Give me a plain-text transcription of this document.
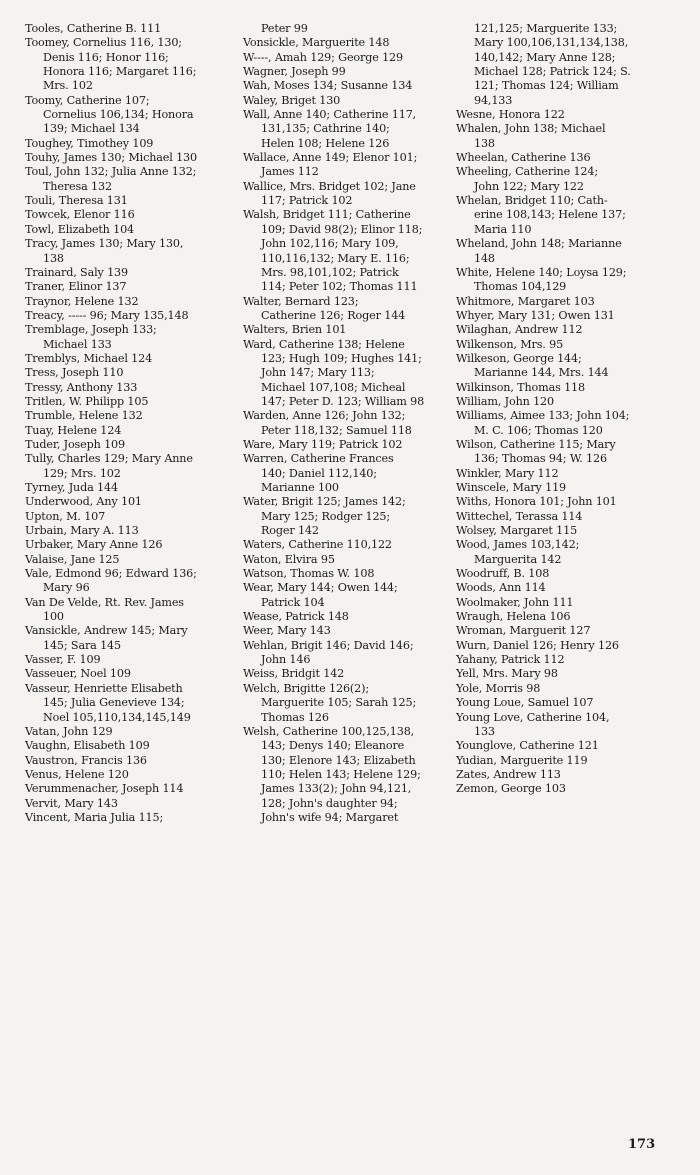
Tooles, Catherine B. 111
Toomey, Cornelius 116, 130;
Denis 116; Honor 116;
Honora 116; Margaret 116;
Mrs. 102
Toomy, Catherine 107;
Cornelius 106,134; Honora
139; Michael 134
Toughey, Timothey 109
Touhy, James 130; Michael 130
Toul, John 132; Julia Anne 132;
Theresa 132
Touli, Theresa 131
Towcek, Elenor 116
Towl, Elizabeth 104
Tracy, James 130; Mary 130,
138
Trainard, Saly 139
Traner, Elinor 137
Traynor, Helene 132
Treacy, ----- 96; Mary 135,148
Tremblage, Joseph 133;
Michael 133
Tremblys, Michael 124
Tress, Joseph 110
Tressy, Anthony 133
Tritlen, W. Philipp 105
Trumble, Helene 132
Tuay, Helene 124
Tuder, Joseph 109
Tully, Charles 129; Mary Anne
129; Mrs. 102
Tyrney, Juda 144
Underwood, Any 101
Upton, M. 107
Urbain, Mary A. 113
Urbaker, Mary Anne 126
Valaise, Jane 125
Vale, Edmond 96; Edward 136;
Mary 96
Van De Velde, Rt. Rev. James
100
Vansickle, Andrew 145; Mary
145; Sara 145
Vasser, F. 109
Vasseuer, Noel 109
Vasseur, Henriette Elisabeth
145; Julia Genevieve 134;
Noel 105,110,134,145,149
Vatan, John 129
Vaughn, Elisabeth 109
Vaustron, Francis 136
Venus, Helene 120
Verummenacher, Joseph 114
Vervit, Mary 143
Vincent, Maria Julia 115;
Peter 99
Vonsickle, Marguerite 148
W----, Amah 129; George 129
Wagner, Joseph 99
Wah, Moses 134; Susanne 134
Waley, Briget 130
Wall, Anne 140; Catherine 117,
131,135; Cathrine 140;
Helen 108; Helene 126
Wallace, Anne 149; Elenor 101;
James 112
Wallice, Mrs. Bridget 102; Jane
117; Patrick 102
Walsh, Bridget 111; Catherine
109; David 98(2); Elinor 118;
John 102,116; Mary 109,
110,116,132; Mary E. 116;
Mrs. 98,101,102; Patrick
114; Peter 102; Thomas 111
Walter, Bernard 123;
Catherine 126; Roger 144
Walters, Brien 101
Ward, Catherine 138; Helene
123; Hugh 109; Hughes 141;
John 147; Mary 113;
Michael 107,108; Micheal
147; Peter D. 123; William 98
Warden, Anne 126; John 132;
Peter 118,132; Samuel 118
Ware, Mary 119; Patrick 102
Warren, Catherine Frances
140; Daniel 112,140;
Marianne 100
Water, Brigit 125; James 142;
Mary 125; Rodger 125;
Roger 142
Waters, Catherine 110,122
Waton, Elvira 95
Watson, Thomas W. 108
Wear, Mary 144; Owen 144;
Patrick 104
Wease, Patrick 148
Weer, Mary 143
Wehlan, Brigit 146; David 146;
John 146
Weiss, Bridgit 142
Welch, Brigitte 126(2);
Marguerite 105; Sarah 125;
Thomas 126
Welsh, Catherine 100,125,138,
143; Denys 140; Eleanore
130; Elenore 143; Elizabeth
110; Helen 143; Helene 129;
James 133(2); John 94,121,
128; John's daughter 94;
John's wife 94; Margaret
121,125; Marguerite 133;
Mary 100,106,131,134,138,
140,142; Mary Anne 128;
Michael 128; Patrick 124; S.
121; Thomas 124; William
94,133
Wesne, Honora 122
Whalen, John 138; Michael
138
Wheelan, Catherine 136
Wheeling, Catherine 124;
John 122; Mary 122
Whelan, Bridget 110; Cath-
erine 108,143; Helene 137;
Maria 110
Wheland, John 148; Marianne
148
White, Helene 140; Loysa 129;
Thomas 104,129
Whitmore, Margaret 103
Whyer, Mary 131; Owen 131
Wilaghan, Andrew 112
Wilkenson, Mrs. 95
Wilkeson, George 144;
Marianne 144, Mrs. 144
Wilkinson, Thomas 118
William, John 120
Williams, Aimee 133; John 104;
M. C. 106; Thomas 120
Wilson, Catherine 115; Mary
136; Thomas 94; W. 126
Winkler, Mary 112
Winscele, Mary 119
Withs, Honora 101; John 101
Wittechel, Terassa 114
Wolsey, Margaret 115
Wood, James 103,142;
Marguerita 142
Woodruff, B. 108
Woods, Ann 114
Woolmaker, John 111
Wraugh, Helena 106
Wroman, Marguerit 127
Wurn, Daniel 126; Henry 126
Yahany, Patrick 112
Yell, Mrs. Mary 98
Yole, Morris 98
Young Loue, Samuel 107
Young Love, Catherine 104,
133
Younglove, Catherine 121
Yudian, Marguerite 119
Zates, Andrew 113
Zemon, George 103
173
